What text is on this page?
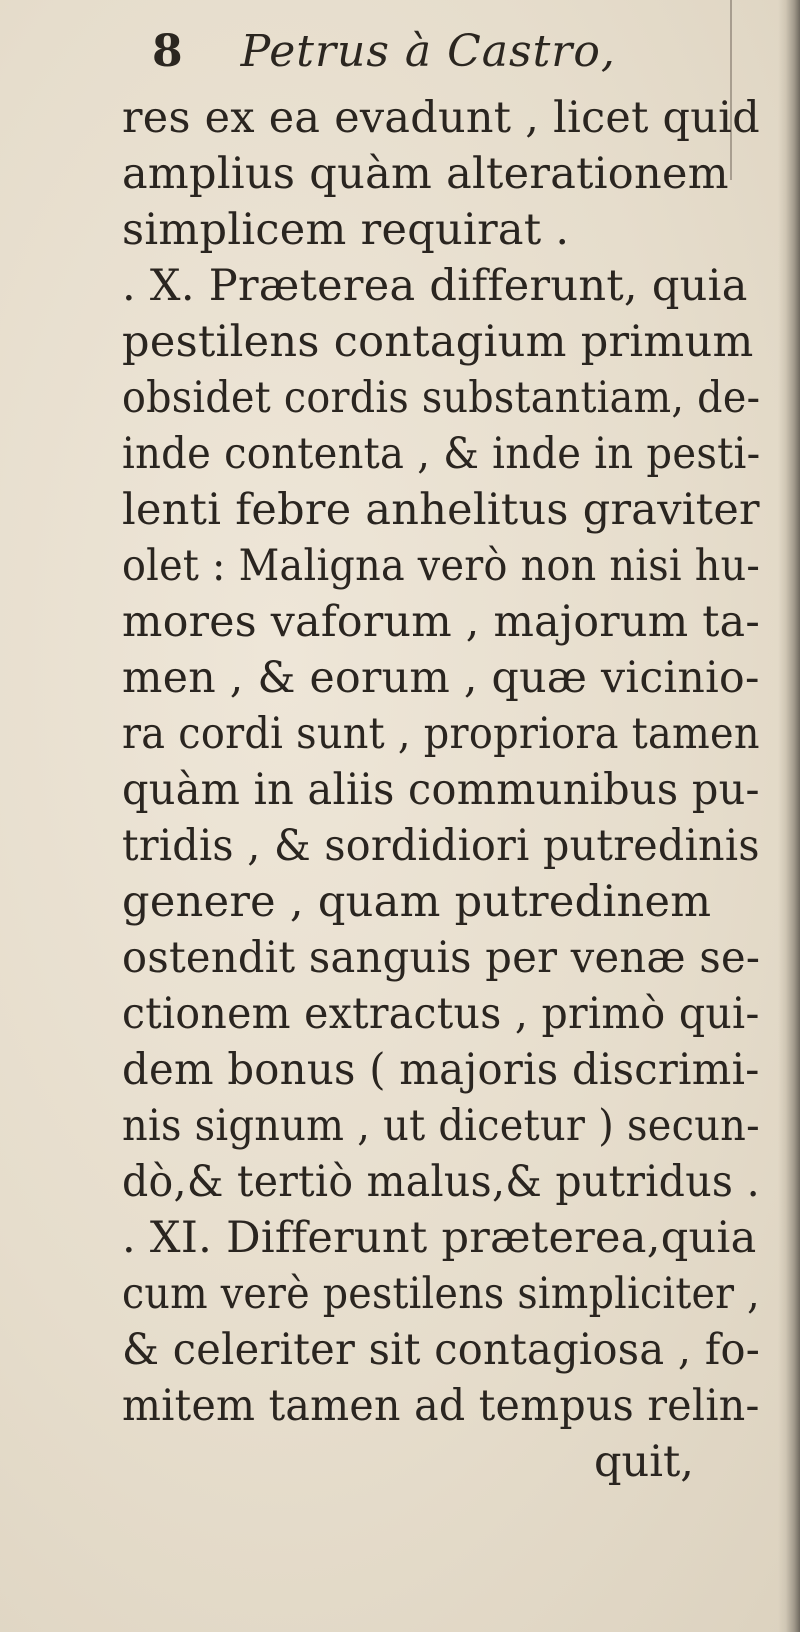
8 Petrus à Castro,
res ex ea evadunt , licet quid
amplius quàm alterationem
simplicem requirat .
. X. Præterea differunt, quia
pestilens contagium primum
obsidet cordis substantiam, de-
inde contenta , & inde in pesti-
lenti febre anhelitus graviter
olet : Maligna verò non nisi hu-
mores vaforum , majorum ta-
men , & eorum , quæ vicinio-
ra cordi sunt , propriora tamen
quàm in aliis communibus pu-
tridis , & sordidiori putredinis
genere , quam putredinem
ostendit sanguis per venæ se-
ctionem extractus , primò qui-
dem bonus ( majoris discrimi-
nis signum , ut dicetur ) secun-
dò,& tertiò malus,& putridus .
. XI. Differunt præterea,quia
cum verè pestilens simpliciter ,
& celeriter sit contagiosa , fo-
mitem tamen ad tempus relin-
quit,
